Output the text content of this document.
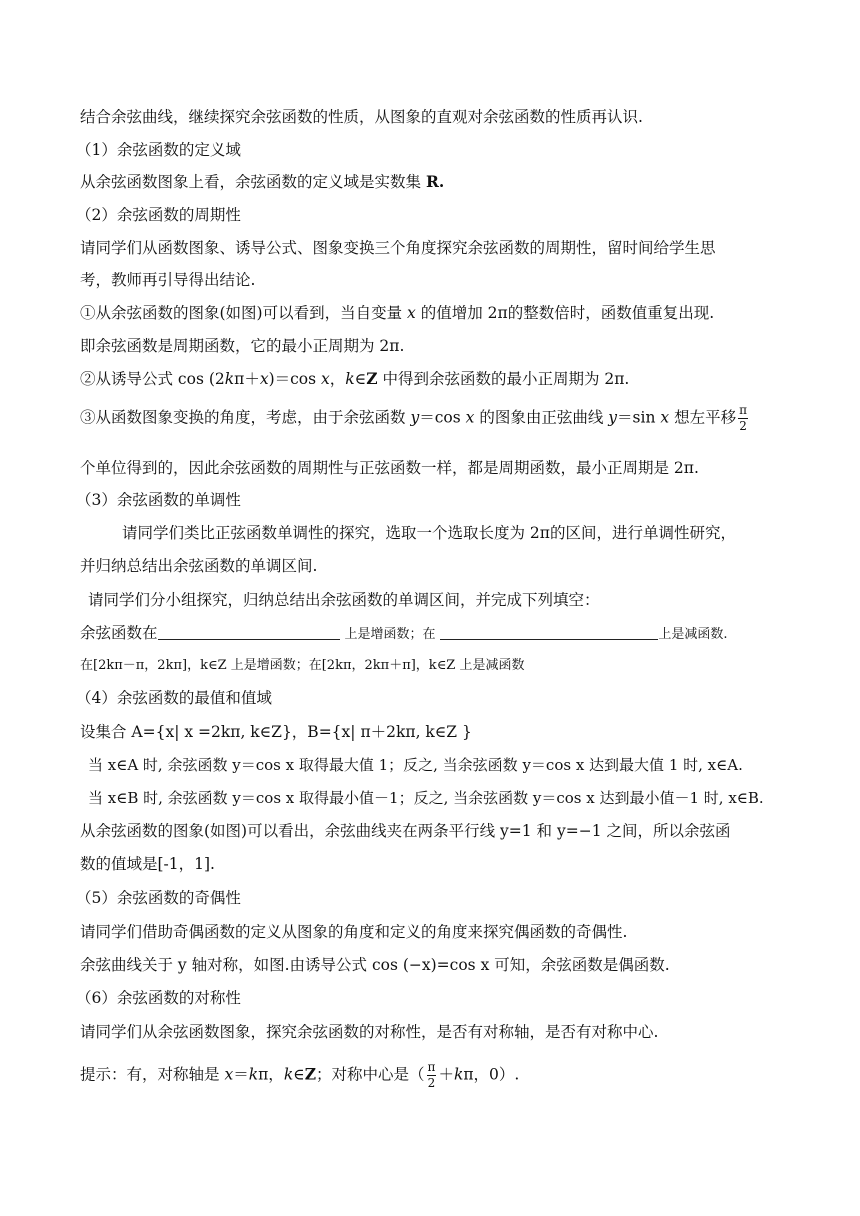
结合余弦曲线，继续探究余弦函数的性质，从图象的直观对余弦函数的性质再认识.
（1）余弦函数的定义域
从余弦函数图象上看，余弦函数的定义域是实数集 R.
（2）余弦函数的周期性
请同学们从函数图象、诱导公式、图象变换三个角度探究余弦函数的周期性，留时间给学生思
考，教师再引导得出结论.
①从余弦函数的图象(如图)可以看到，当自变量 x 的值增加 2π的整数倍时，函数值重复出现.
即余弦函数是周期函数，它的最小正周期为 2π.
②从诱导公式 cos (2kπ＋x)＝cos x，k∈Z 中得到余弦函数的最小正周期为 2π.
③从函数图象变换的角度，考虑，由于余弦函数 y＝cos x 的图象由正弦曲线 y＝sin x 想左平移 $\frac{\pi}{2}$
个单位得到的，因此余弦函数的周期性与正弦函数一样，都是周期函数，最小正周期是 2π.
（3）余弦函数的单调性
请同学们类比正弦函数单调性的探究，选取一个选取长度为 2π的区间，进行单调性研究，
并归纳总结出余弦函数的单调区间.
请同学们分小组探究，归纳总结出余弦函数的单调区间，并完成下列填空：
余弦函数在	上是增函数；在	上是减函数.
在[2kπ－π，2kπ]，k∈Z 上是增函数；在[2kπ，2kπ＋π]，k∈Z 上是减函数
（4）余弦函数的最值和值域
设集合 A={x| x =2kπ, k∈Z}，B={x| π＋2kπ, k∈Z }
当 x∈A 时, 余弦函数 y＝cos x 取得最大值 1；反之, 当余弦函数 y＝cos x 达到最大值 1 时, x∈A.
当 x∈B 时, 余弦函数 y＝cos x 取得最小值－1；反之, 当余弦函数 y＝cos x 达到最小值－1 时, x∈B.
从余弦函数的图象(如图)可以看出，余弦曲线夹在两条平行线 y=1 和 y=−1 之间，所以余弦函
数的值域是[-1，1].
（5）余弦函数的奇偶性
请同学们借助奇偶函数的定义从图象的角度和定义的角度来探究偶函数的奇偶性.
余弦曲线关于 y 轴对称，如图.由诱导公式 cos (−x)=cos x 可知，余弦函数是偶函数.
（6）余弦函数的对称性
请同学们从余弦函数图象，探究余弦函数的对称性，是否有对称轴，是否有对称中心.
提示：有，对称轴是 x＝kπ，k∈Z；对称中心是（ $\frac{\pi}{2} +k\pi$，0）.
